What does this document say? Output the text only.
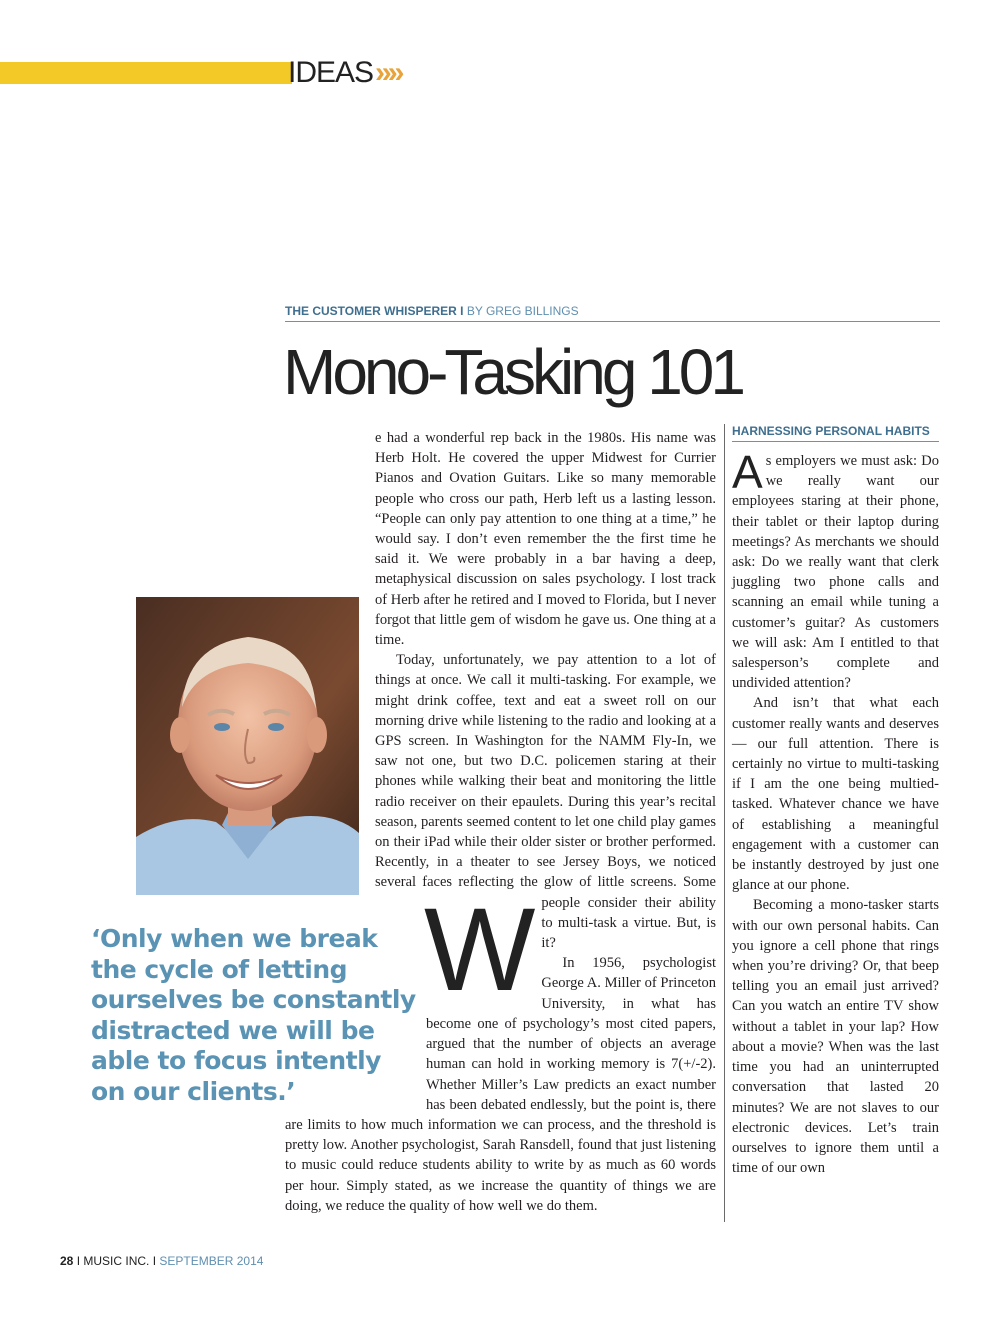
IDEAS»»
THE CUSTOMER WHISPERER I BY GREG BILLINGS
Mono-Tasking 101
‘Only when we break the cycle of letting ourselves be constantly distracted we will be able to focus intently on our clients.’

W
e had a wonderful rep back in the 1980s. His name was Herb Holt. He covered the upper Midwest for Currier Pianos and Ovation Guitars. Like so many memorable people who cross our path, Herb left us a lasting lesson. “People can only pay attention to one thing at a time,” he would say. I don’t even remember the the first time he said it. We were probably in a bar having a deep, metaphysical discussion on sales psychology. I lost track of Herb after he retired and I moved to Florida, but I never forgot that little gem of wisdom he gave us. One thing at a time.

Today, unfortunately, we pay attention to a lot of things at once. We call it multi-tasking. For example, we might drink coffee, text and eat a sweet roll on our morning drive while listening to the radio and looking at a GPS screen. In Washington for the NAMM Fly-In, we saw not one, but two D.C. policemen staring at their phones while walking their beat and monitoring the little radio receiver on their epaulets. During this year’s recital season, parents seemed content to let one child play games on their iPad while their older sister or brother performed. Recently, in a theater to see Jersey Boys, we noticed several faces reflecting the glow of little screens. Some people consider their ability to multi-task a virtue. But, is it?

In 1956, psychologist George A. Miller of Princeton University, in what has become one of psychology’s most cited papers, argued that the number of objects an average human can hold in working memory is 7(+/-2). Whether Miller’s Law predicts an exact number has been debated endlessly, but the point is, there are limits to how much information we can process, and the threshold is pretty low. Another psychologist, Sarah Ransdell, found that just listening to music could reduce students ability to write by as much as 60 words per hour. Simply stated, as we increase the quantity of things we are doing, we reduce the quality of how well we do them.

HARNESSING PERSONAL HABITS

As employers we must ask: Do we really want our employees staring at their phone, their tablet or their laptop during meetings? As merchants we should ask: Do we really want that clerk juggling two phone calls and scanning an email while tuning a customer’s guitar? As customers we will ask: Am I entitled to that salesperson’s complete and undivided attention?

And isn’t that what each customer really wants and deserves — our full attention. There is certainly no virtue to multi-tasking if I am the one being multied-tasked. Whatever chance we have of establishing a meaningful engagement with a customer can be instantly destroyed by just one glance at our phone.

Becoming a mono-tasker starts with our own personal habits. Can you ignore a cell phone that rings when you’re driving? Or, that beep telling you an email just arrived? Can you watch an entire TV show without a tablet in your lap? How about a movie? When was the last time you had an uninterrupted conversation that lasted 20 minutes? We are not slaves to our electronic devices. Let’s train ourselves to ignore them until a time of our own

28 I MUSIC INC. I SEPTEMBER 2014
